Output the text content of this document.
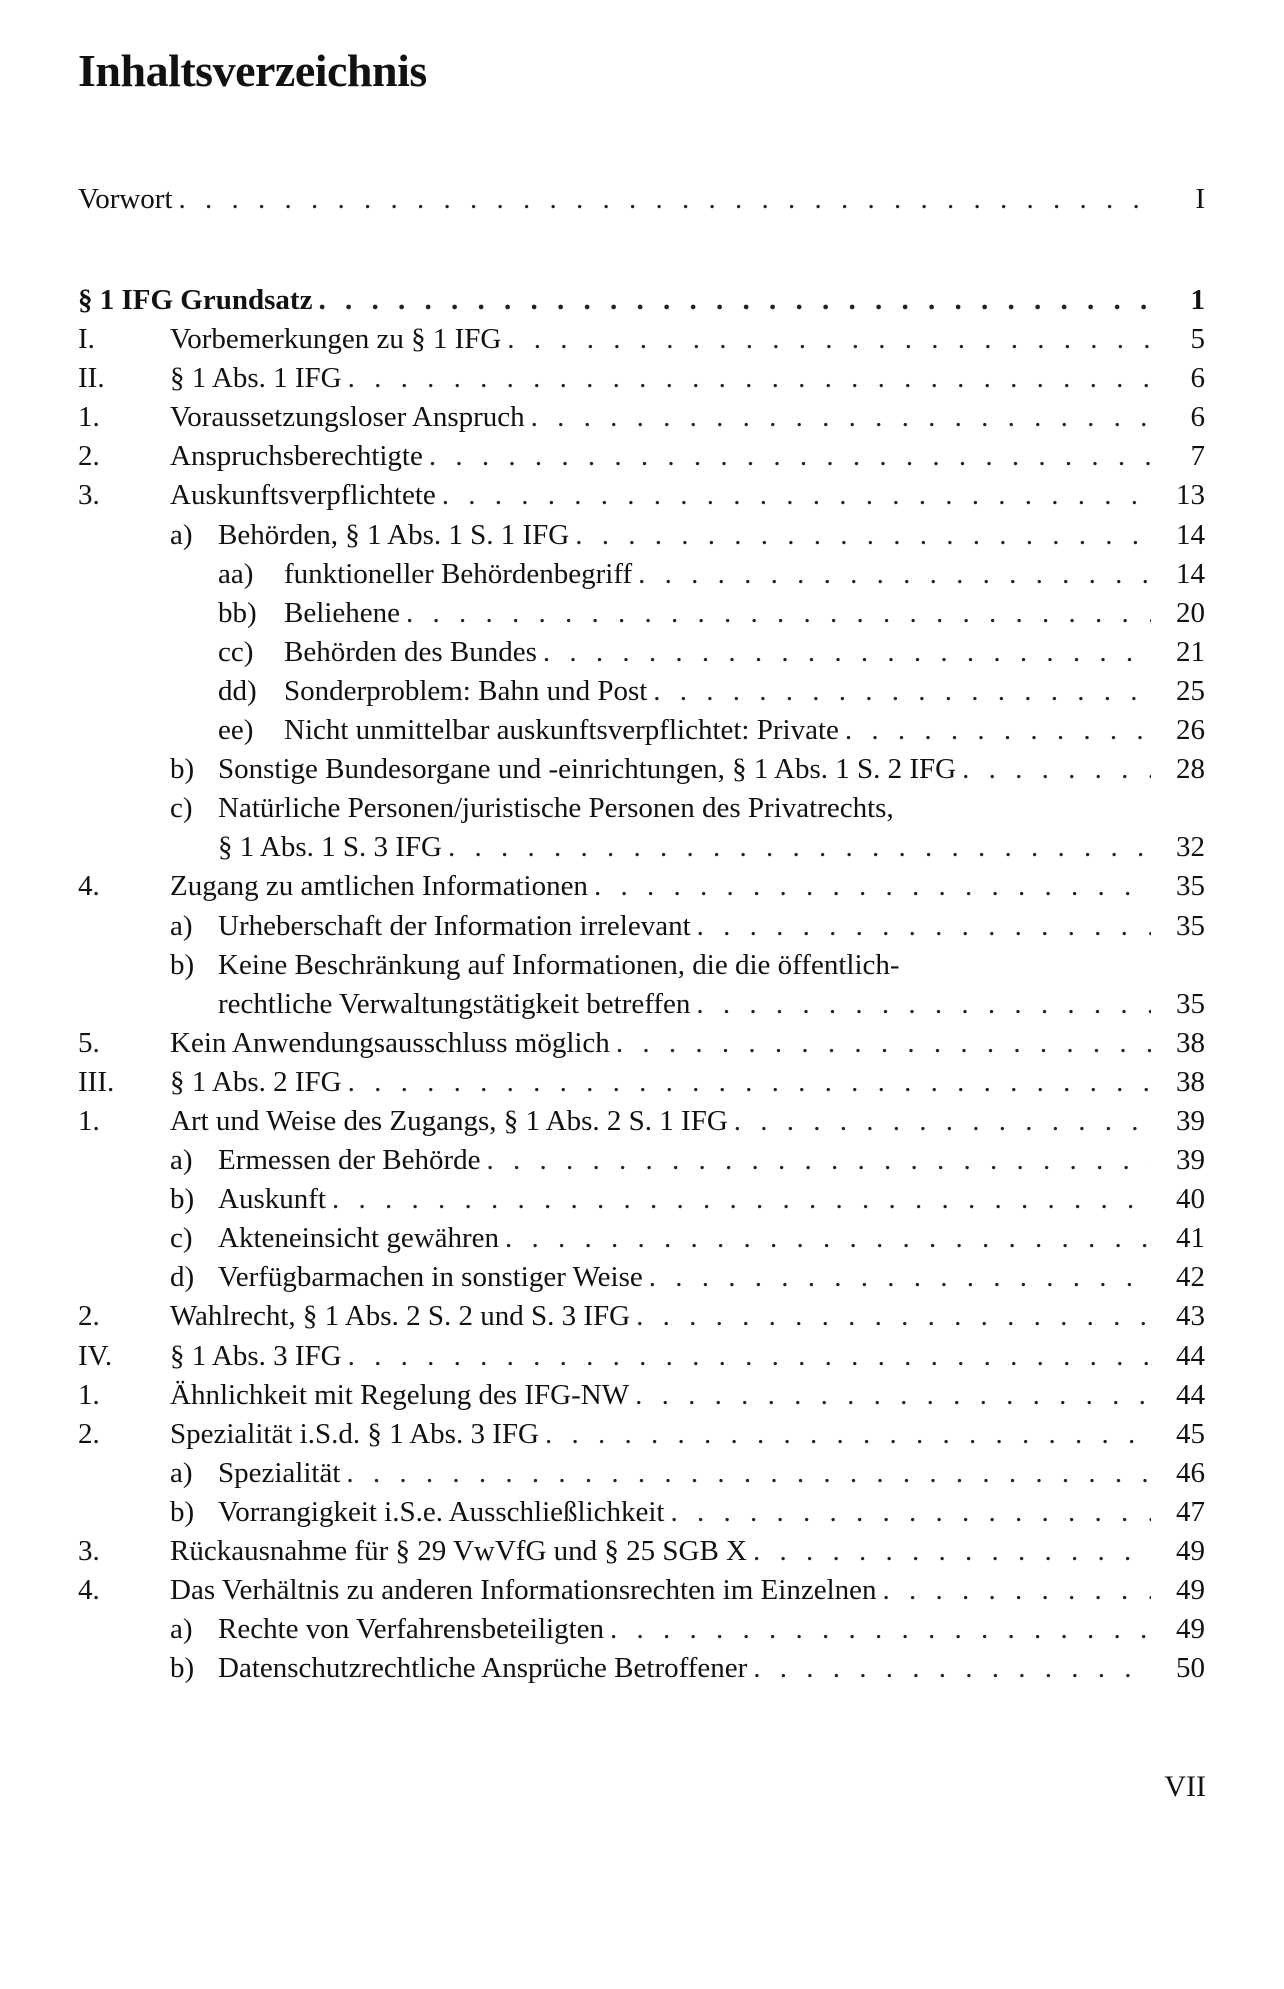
Inhaltsverzeichnis
Vorwort . . .	I
§ 1 IFG Grundsatz . . .	1
I.	Vorbemerkungen zu § 1 IFG . . .	5
II.	§ 1 Abs. 1 IFG . . .	6
1.	Voraussetzungsloser Anspruch . . .	6
2.	Anspruchsberechtigte . . .	7
3.	Auskunftsverpflichtete . . .	13
a) Behörden, § 1 Abs. 1 S. 1 IFG . . .	14
aa)	funktioneller Behördenbegriff . . .	14
bb) Beliehene . . .	20
cc)	Behörden des Bundes . . .	21
dd) Sonderproblem: Bahn und Post . . .	25
ee)	Nicht unmittelbar auskunftsverpflichtet: Private . . .	26
b) Sonstige Bundesorgane und -einrichtungen, § 1 Abs. 1 S. 2 IFG . . .	28
c) Natürliche Personen/juristische Personen des Privatrechts,
§ 1 Abs. 1 S. 3 IFG . . .	32
4.	Zugang zu amtlichen Informationen . . .	35
a) Urheberschaft der Information irrelevant . . .	35
b) Keine Beschränkung auf Informationen, die die öffentlich-
rechtliche Verwaltungstätigkeit betreffen . . .	35
5.	Kein Anwendungsausschluss möglich . . .	38
III.	§ 1 Abs. 2 IFG . . .	38
1.	Art und Weise des Zugangs, § 1 Abs. 2 S. 1 IFG . . .	39
a) Ermessen der Behörde . . .	39
b) Auskunft . . .	40
c) Akteneinsicht gewähren . . .	41
d) Verfügbarmachen in sonstiger Weise . . .	42
2.	Wahlrecht, § 1 Abs. 2 S. 2 und S. 3 IFG . . .	43
IV.	§ 1 Abs. 3 IFG . . .	44
1.	Ähnlichkeit mit Regelung des IFG-NW . . .	44
2.	Spezialität i.S.d. § 1 Abs. 3 IFG . . .	45
a) Spezialität . . .	46
b) Vorrangigkeit i.S.e. Ausschließlichkeit . . .	47
3.	Rückausnahme für § 29 VwVfG und § 25 SGB X . . .	49
4.	Das Verhältnis zu anderen Informationsrechten im Einzelnen . . .	49
a) Rechte von Verfahrensbeteiligten . . .	49
b) Datenschutzrechtliche Ansprüche Betroffener . . .	50
VII
